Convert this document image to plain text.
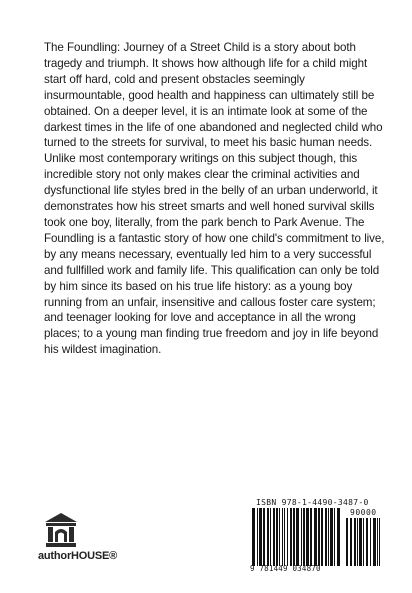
The Foundling: Journey of a Street Child is a story about both tragedy and triumph. It shows how although life for a child might start off hard, cold and present obstacles seemingly insurmountable, good health and happiness can ultimately still be obtained. On a deeper level, it is an intimate look at some of the darkest times in the life of one abandoned and neglected child who turned to the streets for survival, to meet his basic human needs. Unlike most contemporary writings on this subject though, this incredible story not only makes clear the criminal activities and dysfunctional life styles bred in the belly of an urban underworld, it demonstrates how his street smarts and well honed survival skills took one boy, literally, from the park bench to Park Avenue. The Foundling is a fantastic story of how one child's commitment to live, by any means necessary, eventually led him to a very successful and fullfilled work and family life. This qualification can only be told by him since its based on his true life history: as a young boy running from an unfair, insensitive and callous foster care system; and teenager looking for love and acceptance in all the wrong places; to a young man finding true freedom and joy in life beyond his wildest imagination.

authorHOUSE®
ISBN 978-1-4490-3487-0
90000
9 781449 034870
